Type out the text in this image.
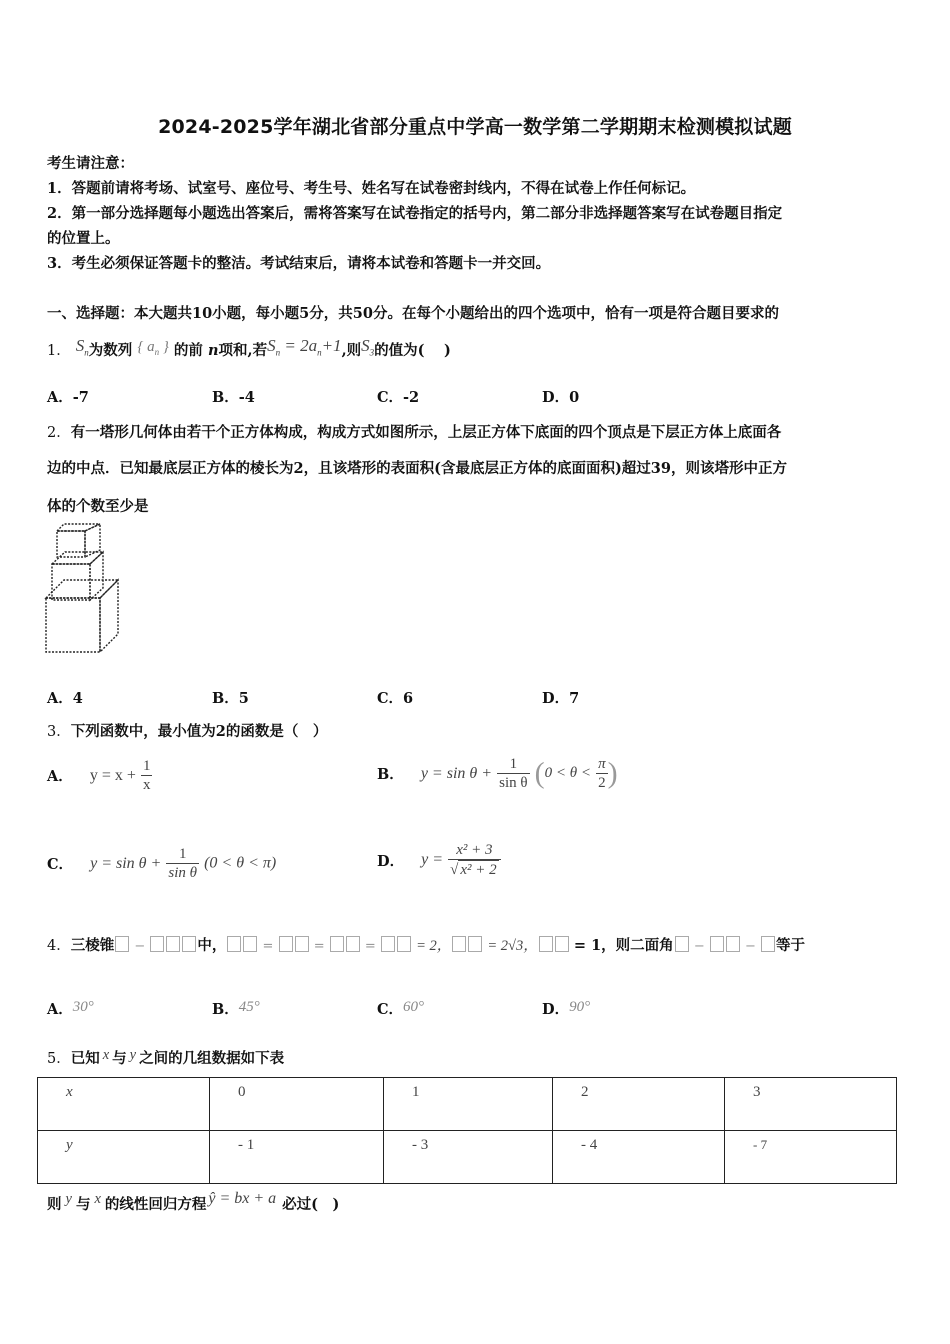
2024-2025学年湖北省部分重点中学高一数学第二学期期末检测模拟试题
考生请注意：
1．答题前请将考场、试室号、座位号、考生号、姓名写在试卷密封线内，不得在试卷上作任何标记。
2．第一部分选择题每小题选出答案后，需将答案写在试卷指定的括号内，第二部分非选择题答案写在试卷题目指定
的位置上。
3．考生必须保证答题卡的整洁。考试结束后，请将本试卷和答题卡一并交回。
一、选择题：本大题共10小题，每小题5分，共50分。在每个小题给出的四个选项中，恰有一项是符合题目要求的
1． $S_n$为数列 { $a_n$ } 的前 n项和,若$S_n = 2a_n+1$,则$S_3$的值为(　 )
A．-7	B．-4	C．-2	D．0
2．有一塔形几何体由若干个正方体构成，构成方式如图所示，上层正方体下底面的四个顶点是下层正方体上底面各
边的中点．已知最底层正方体的棱长为2，且该塔形的表面积(含最底层正方体的底面面积)超过39，则该塔形中正方
体的个数至少是
A．4	B．5	C．6	D．7
3．下列函数中，最小值为2的函数是（　）
A． $y = x + \frac{1}{x}$	B． $y = \sin \theta + \frac{1}{\text{sin θ}} (0 < \theta < \frac{\pi}{2}$ )
C． $y = \sin \theta + \frac{1}{\text{sin θ}} (0 < \theta < \pi)$	D． $y = \frac{\text{x² + 3}}{\text{√ x² + 2}}$
4．三棱锥 −	中， =  =  =  = 2， = 2√3， = 1，则二面角 −  − 等于
A．30°	B．45°	C．60°	D．90°
5．已知 x 与 y 之间的几组数据如下表
x	0	1	2	3
y	- 1	- 3	- 4	- 7
则 y 与 x 的线性回归方程 ŷ = bx + a 必过(　)
